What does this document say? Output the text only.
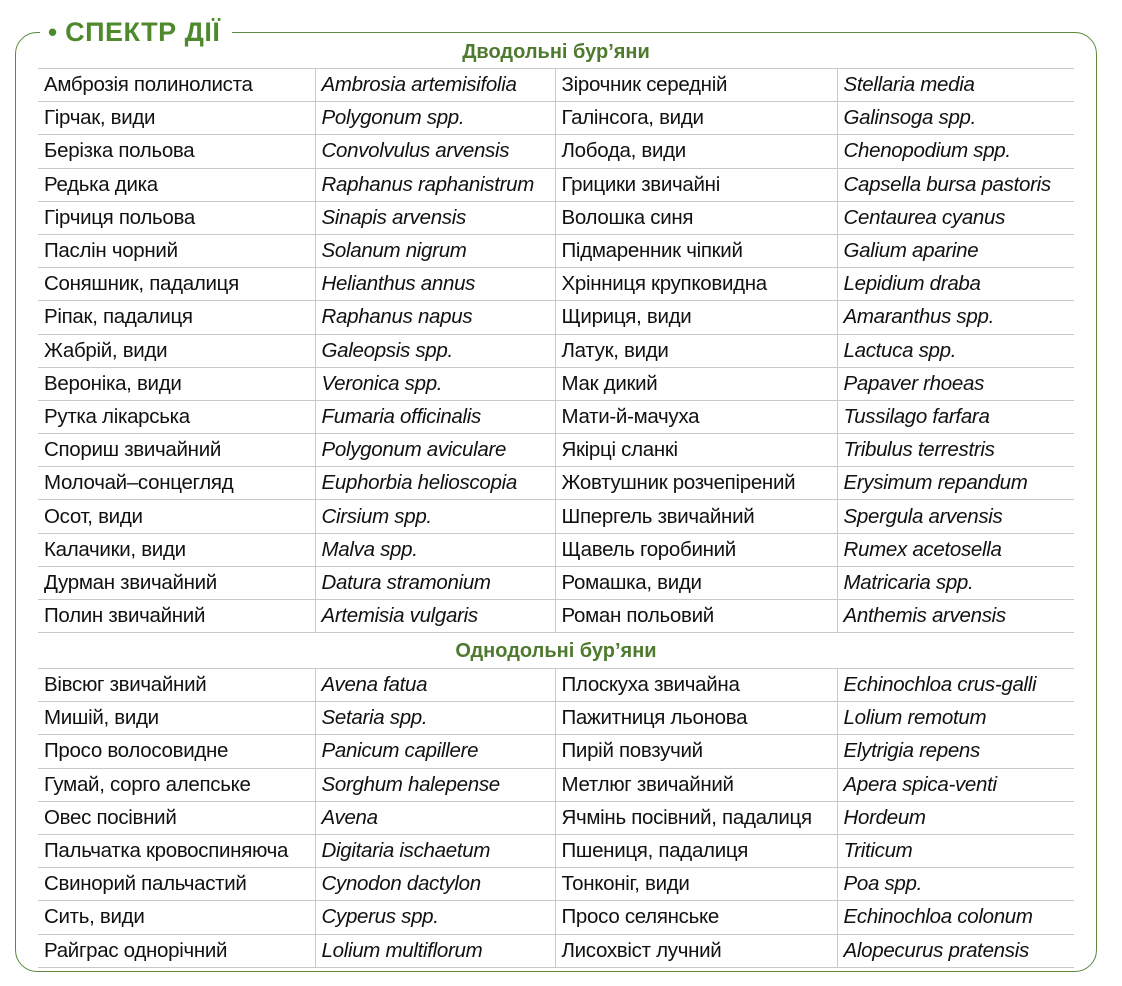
• СПЕКТР ДІЇ
Дводольні бур’яни
Амброзія полинолиста	Ambrosia artemisifolia	Зірочник середній	Stellaria media
Гірчак, види	Polygonum spp.	Галінсога, види	Galinsoga spp.
Берізка польова	Convolvulus arvensis	Лобода, види	Chenopodium spp.
Редька дика	Raphanus raphanistrum	Грицики звичайні	Capsella bursa pastoris
Гірчиця польова	Sinapis arvensis	Волошка синя	Centaurea cyanus
Паслін чорний	Solanum nigrum	Підмаренник чіпкий	Galium aparine
Соняшник, падалиця	Helianthus annus	Хрінниця крупковидна	Lepidium draba
Ріпак, падалиця	Raphanus napus	Щириця, види	Amaranthus spp.
Жабрій, види	Galeopsis spp.	Латук, види	Lactuca spp.
Вероніка, види	Veronica spp.	Мак дикий	Papaver rhoeas
Рутка лікарська	Fumaria officinalis	Мати-й-мачуха	Tussilago farfara
Спориш звичайний	Polygonum aviculare	Якірці сланкі	Tribulus terrestris
Молочай–сонцегляд	Euphorbia helioscopia	Жовтушник розчепірений	Erysimum repandum
Осот, види	Cirsium spp.	Шпергель звичайний	Spergula arvensis
Калачики, види	Malva spp.	Щавель горобиний	Rumex acetosella
Дурман звичайний	Datura stramonium	Ромашка, види	Matricaria spp.
Полин звичайний	Artemisia vulgaris	Роман польовий	Anthemis arvensis
Однодольні бур’яни
Вівсюг звичайний	Avena fatua	Плоскуха звичайна	Echinochloa crus-galli
Мишій, види	Setaria spp.	Пажитниця льонова	Lolium remotum
Просо волосовидне	Panicum capillere	Пирій повзучий	Elytrigia repens
Гумай, сорго алепське	Sorghum halepense	Метлюг звичайний	Apera spica-venti
Овес посівний	Avena	Ячмінь посівний, падалиця	Hordeum
Пальчатка кровоспиняюча	Digitaria ischaetum	Пшениця, падалиця	Triticum
Свинорий пальчастий	Cynodon dactylon	Тонконіг, види	Poa spp.
Сить, види	Cyperus spp.	Просо селянське	Echinochloa colonum
Райграс однорічний	Lolium multiflorum	Лисохвіст лучний	Alopecurus pratensis
